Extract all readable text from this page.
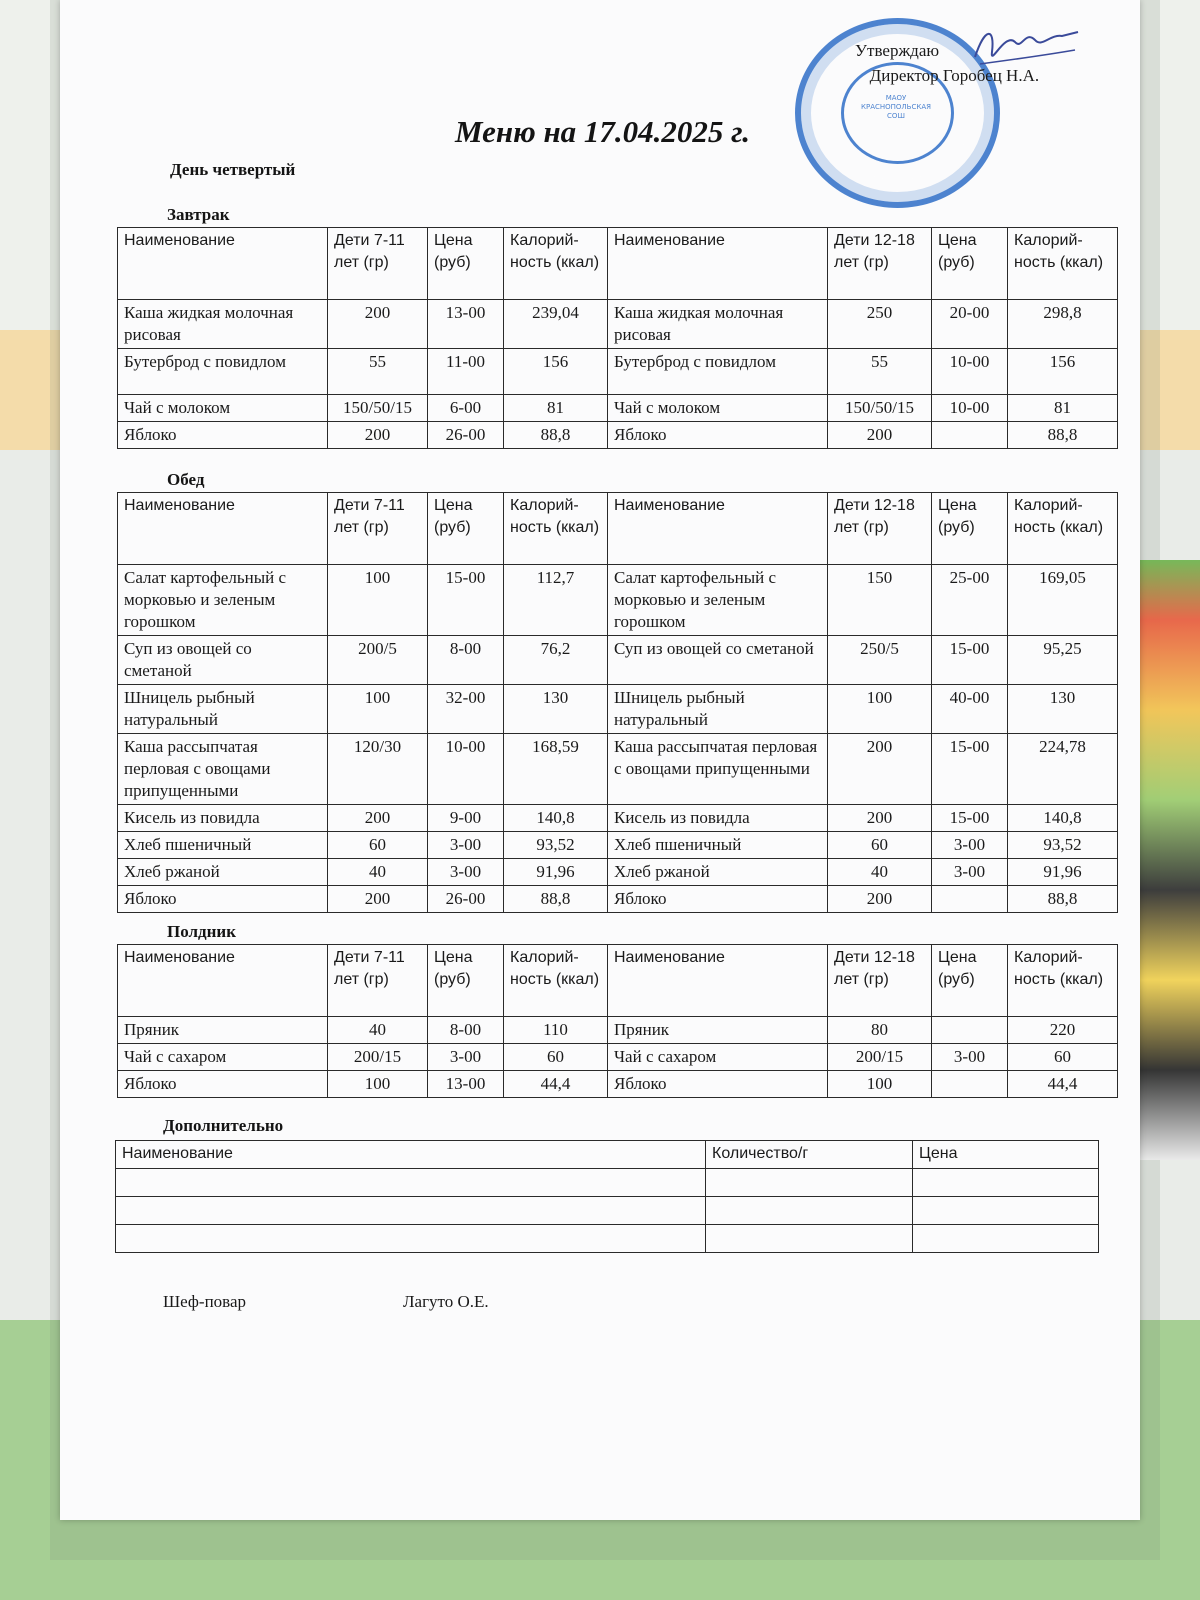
МАОУ КРАСНОПОЛЬСКАЯ СОШ
Утверждаю
Директор Горобец Н.А.
Меню на 17.04.2025 г.
День четвертый
Завтрак
Наименование	Дети 7-11 лет (гр)	Цена (руб)	Калорий-ность (ккал)	Наименование	Дети 12-18 лет (гр)	Цена (руб)	Калорий-ность (ккал)
Каша жидкая молочная рисовая	200	13-00	239,04	Каша жидкая молочная рисовая	250	20-00	298,8
Бутерброд с повидлом	55	11-00	156	Бутерброд с повидлом	55	10-00	156
Чай с молоком	150/50/15	6-00	81	Чай с молоком	150/50/15	10-00	81
Яблоко	200	26-00	88,8	Яблоко	200		88,8
Обед
Наименование	Дети 7-11 лет (гр)	Цена (руб)	Калорий-ность (ккал)	Наименование	Дети 12-18 лет (гр)	Цена (руб)	Калорий-ность (ккал)
Салат картофельный с морковью и зеленым горошком	100	15-00	112,7	Салат картофельный с морковью и зеленым горошком	150	25-00	169,05
Суп из овощей со сметаной	200/5	8-00	76,2	Суп из овощей со сметаной	250/5	15-00	95,25
Шницель рыбный натуральный	100	32-00	130	Шницель рыбный натуральный	100	40-00	130
Каша рассыпчатая перловая с овощами припущенными	120/30	10-00	168,59	Каша рассыпчатая перловая с овощами припущенными	200	15-00	224,78
Кисель из повидла	200	9-00	140,8	Кисель из повидла	200	15-00	140,8
Хлеб пшеничный	60	3-00	93,52	Хлеб пшеничный	60	3-00	93,52
Хлеб ржаной	40	3-00	91,96	Хлеб ржаной	40	3-00	91,96
Яблоко	200	26-00	88,8	Яблоко	200		88,8
Полдник
Наименование	Дети 7-11 лет (гр)	Цена (руб)	Калорий-ность (ккал)	Наименование	Дети 12-18 лет (гр)	Цена (руб)	Калорий-ность (ккал)
Пряник	40	8-00	110	Пряник	80		220
Чай с сахаром	200/15	3-00	60	Чай с сахаром	200/15	3-00	60
Яблоко	100	13-00	44,4	Яблоко	100		44,4
Дополнительно
Наименование	Количество/г	Цена

Шеф-повар	Лагуто О.Е.
